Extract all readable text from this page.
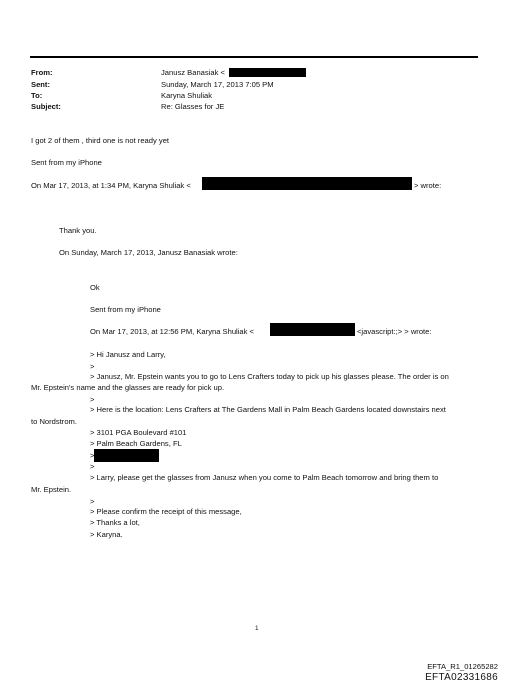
From:	Janusz Banasiak <
Sent:	Sunday, March 17, 2013 7:05 PM
To:	Karyna Shuliak
Subject:	Re: Glasses for JE
I got 2 of them , third one is not ready yet
Sent from my iPhone
On Mar 17, 2013, at 1:34 PM, Karyna Shuliak <	> wrote:
Thank you.
On Sunday, March 17, 2013, Janusz Banasiak wrote:
Ok
Sent from my iPhone
On Mar 17, 2013, at 12:56 PM, Karyna Shuliak <	<javascript:;> > wrote:
> Hi Janusz and Larry,
>
> Janusz, Mr. Epstein wants you to go to Lens Crafters today to pick up his glasses please. The order is on
Mr. Epstein's name and the glasses are ready for pick up.
>
> Here is the location: Lens Crafters at The Gardens Mall in Palm Beach Gardens located downstairs next
to Nordstrom.
> 3101 PGA Boulevard #101
> Palm Beach Gardens, FL
>
>
> Larry, please get the glasses from Janusz when you come to Palm Beach tomorrow and bring them to
Mr. Epstein.
>
> Please confirm the receipt of this message,
> Thanks a lot,
> Karyna.
1
EFTA_R1_01265282
EFTA02331686
